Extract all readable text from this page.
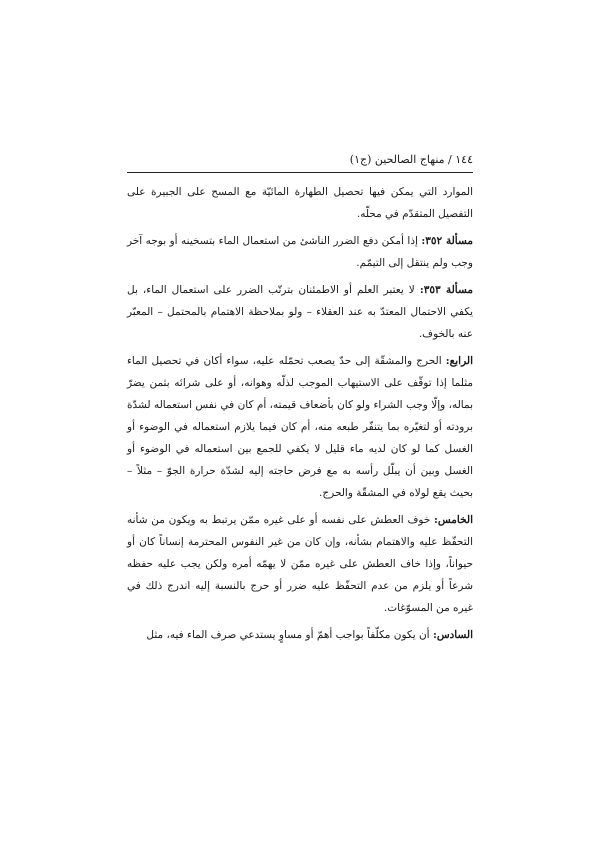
١٤٤ / منهاج الصالحين (ج١)

الموارد التي يمكن فيها تحصيل الطهارة المائيّة مع المسح على الجبيرة على التفصيل المتقدّم في محلّه.

مسألة ٣٥٢: إذا أمكن دفع الضرر الناشئ من استعمال الماء بتسخينه أو بوجه آخر وجب ولم ينتقل إلى التيمّم.

مسألة ٣٥٣: لا يعتبر العلم أو الاطمئنان بترتّب الضرر على استعمال الماء، بل يكفي الاحتمال المعتدّ به عند العقلاء – ولو بملاحظة الاهتمام بالمحتمل – المعبّر عنه بالخوف.

الرابع: الحرج والمشقّة إلى حدّ يصعب تحمّله عليه، سواء أكان في تحصيل الماء مثلما إذا توقّف على الاستيهاب الموجب لذلّه وهوانه، أو على شرائه بثمن يضرّ بماله، وإلّا وجب الشراء ولو كان بأضعاف قيمته، أم كان في نفس استعماله لشدّة برودته أو لتغيّره بما يتنفّر طبعه منه، أم كان فيما يلازم استعماله في الوضوء أو الغسل كما لو كان لديه ماء قليل لا يكفي للجمع بين استعماله في الوضوء أو الغسل وبين أن يبلّل رأسه به مع فرض حاجته إليه لشدّة حرارة الجوّ – مثلاً – بحيث يقع لولاه في المشقّة والحرج.

الخامس: خوف العطش على نفسه أو على غيره ممّن يرتبط به ويكون من شأنه التحفّظ عليه والاهتمام بشأنه، وإن كان من غير النفوس المحترمة إنساناً كان أو حيواناً، وإذا خاف العطش على غيره ممّن لا يهمّه أمره ولكن يجب عليه حفظه شرعاً أو يلزم من عدم التحفّظ عليه ضرر أو حرج بالنسبة إليه اندرج ذلك في غيره من المسوّغات.

السادس: أن يكون مكلّفاً بواجب أهمّ أو مساوٍ يستدعي صرف الماء فيه، مثل
